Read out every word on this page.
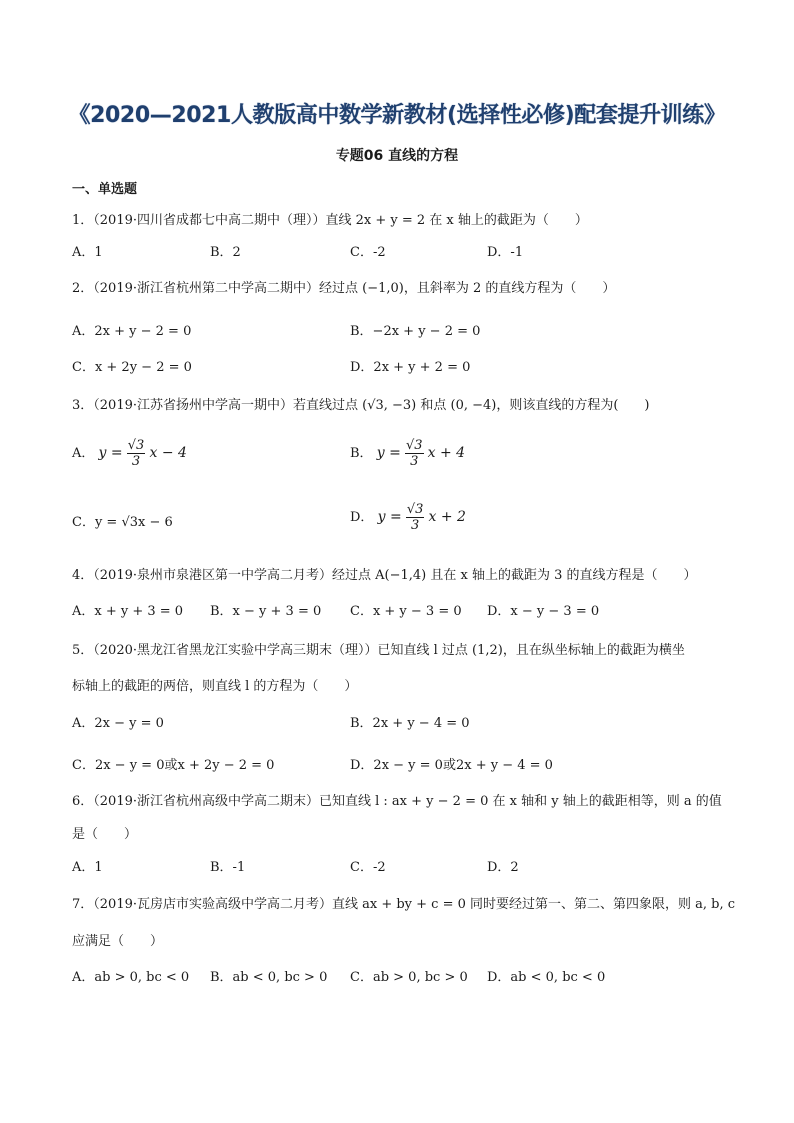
《2020—2021人教版高中数学新教材(选择性必修)配套提升训练》
专题06 直线的方程
一、单选题
1．（2019·四川省成都七中高二期中（理））直线 2x + y = 2 在 x 轴上的截距为（　　）
A．1	B．2	C．-2	D．-1
2．（2019·浙江省杭州第二中学高二期中）经过点 (−1,0)，且斜率为 2 的直线方程为（　　）
A．2x + y − 2 = 0	B．−2x + y − 2 = 0
C．x + 2y − 2 = 0	D．2x + y + 2 = 0
3．（2019·江苏省扬州中学高一期中）若直线过点 (√3, −3) 和点 (0, −4)，则该直线的方程为(　　)
A． $y = \frac{√3}{3}$ x − 4	B． $y = \frac{√3}{3}$ x + 4
C．y = √3x − 6	D． $y = \frac{√3}{3}$ x + 2
4．（2019·泉州市泉港区第一中学高二月考）经过点 A(−1,4) 且在 x 轴上的截距为 3 的直线方程是（　　）
A．x + y + 3 = 0 B．x − y + 3 = 0 C．x + y − 3 = 0 D．x − y − 3 = 0
5．（2020·黑龙江省黑龙江实验中学高三期末（理））已知直线 l 过点 (1,2)，且在纵坐标轴上的截距为横坐
标轴上的截距的两倍，则直线 l 的方程为（　　）
A．2x − y = 0	B．2x + y − 4 = 0
C．2x − y = 0或x + 2y − 2 = 0	D．2x − y = 0或2x + y − 4 = 0
6．（2019·浙江省杭州高级中学高二期末）已知直线 l : ax + y − 2 = 0 在 x 轴和 y 轴上的截距相等，则 a 的值
是（　　）
A．1	B．-1	C．-2	D．2
7．（2019·瓦房店市实验高级中学高二月考）直线 ax + by + c = 0 同时要经过第一、第二、第四象限，则 a, b, c
应满足（　　）
A．ab > 0, bc < 0 B．ab < 0, bc > 0 C．ab > 0, bc > 0 D．ab < 0, bc < 0
